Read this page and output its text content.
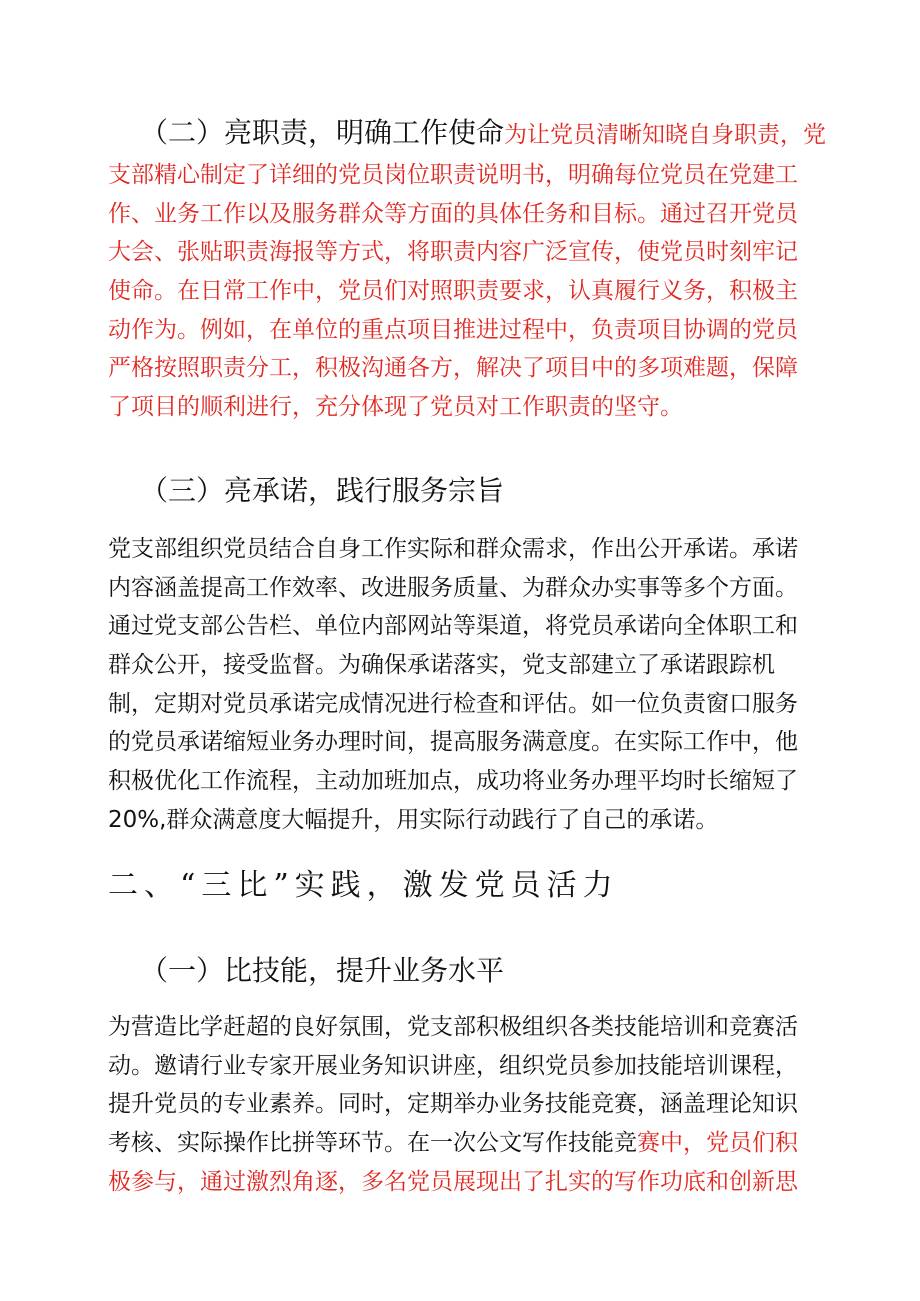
（二）亮职责，明确工作使命为让党员清晰知晓自身职责，党
支部精心制定了详细的党员岗位职责说明书，明确每位党员在党建工
作、业务工作以及服务群众等方面的具体任务和目标。通过召开党员
大会、张贴职责海报等方式，将职责内容广泛宣传，使党员时刻牢记
使命。在日常工作中，党员们对照职责要求，认真履行义务，积极主
动作为。例如，在单位的重点项目推进过程中，负责项目协调的党员
严格按照职责分工，积极沟通各方，解决了项目中的多项难题，保障
了项目的顺利进行，充分体现了党员对工作职责的坚守。
（三）亮承诺，践行服务宗旨
党支部组织党员结合自身工作实际和群众需求，作出公开承诺。承诺
内容涵盖提高工作效率、改进服务质量、为群众办实事等多个方面。
通过党支部公告栏、单位内部网站等渠道，将党员承诺向全体职工和
群众公开，接受监督。为确保承诺落实，党支部建立了承诺跟踪机
制，定期对党员承诺完成情况进行检查和评估。如一位负责窗口服务
的党员承诺缩短业务办理时间，提高服务满意度。在实际工作中，他
积极优化工作流程，主动加班加点，成功将业务办理平均时长缩短了
20%,群众满意度大幅提升，用实际行动践行了自己的承诺。
二、“三比”实践，激发党员活力
（一）比技能，提升业务水平
为营造比学赶超的良好氛围，党支部积极组织各类技能培训和竞赛活
动。邀请行业专家开展业务知识讲座，组织党员参加技能培训课程，
提升党员的专业素养。同时，定期举办业务技能竞赛，涵盖理论知识
考核、实际操作比拼等环节。在一次公文写作技能竞赛中，党员们积
极参与，通过激烈角逐，多名党员展现出了扎实的写作功底和创新思
